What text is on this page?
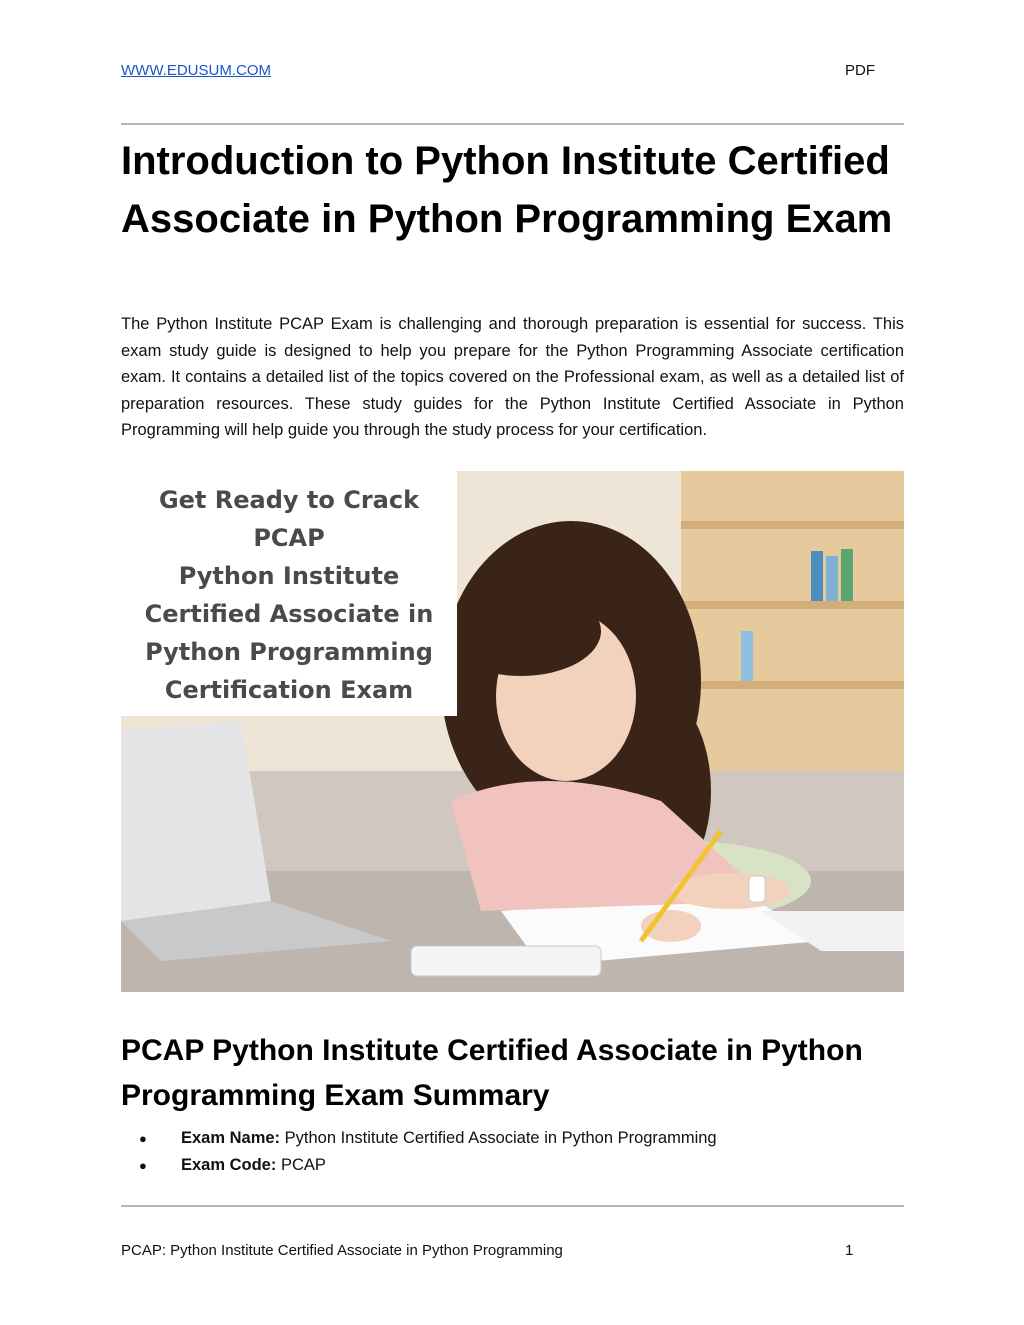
WWW.EDUSUM.COM	PDF
Introduction to Python Institute Certified Associate in Python Programming Exam

The Python Institute PCAP Exam is challenging and thorough preparation is essential for success. This exam study guide is designed to help you prepare for the Python Programming Associate certification exam. It contains a detailed list of the topics covered on the Professional exam, as well as a detailed list of preparation resources. These study guides for the Python Institute Certified Associate in Python Programming will help guide you through the study process for your certification.

Get Ready to Crack
PCAP
Python Institute
Certified Associate in
Python Programming
Certification Exam
PCAP Python Institute Certified Associate in Python Programming Exam Summary
● Exam Name: Python Institute Certified Associate in Python Programming
● Exam Code: PCAP
PCAP: Python Institute Certified Associate in Python Programming	1
